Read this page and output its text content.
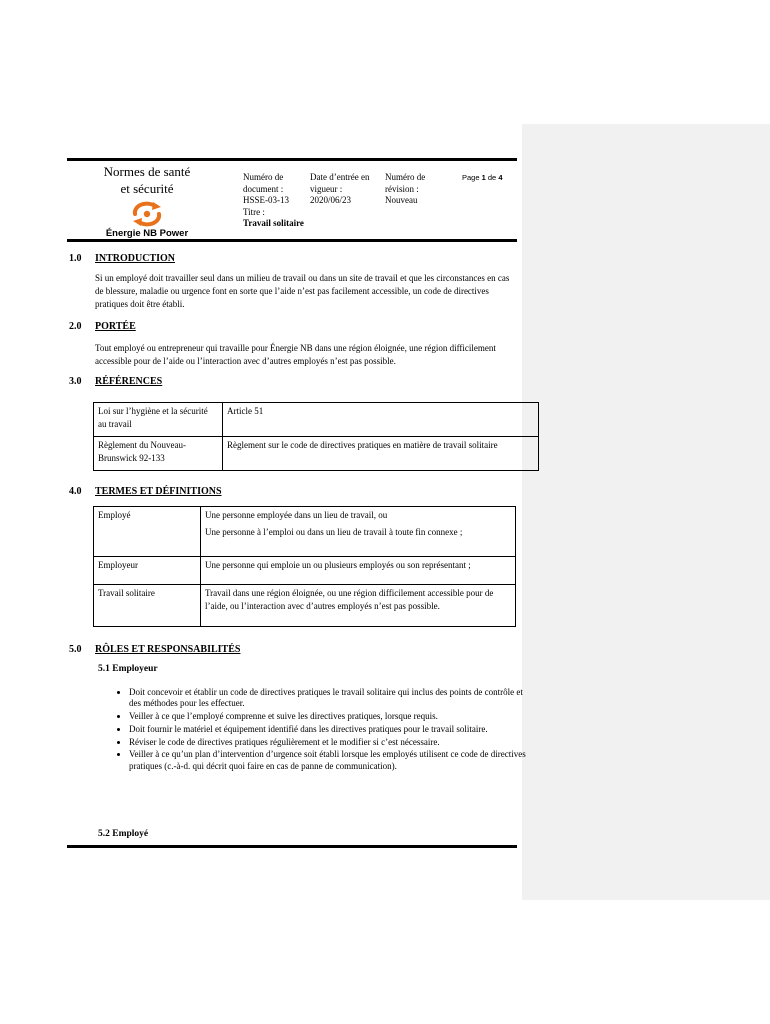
Normes de santé
et sécurité
Énergie NB Power
Numéro de
document :
HSSE-03-13
Titre :
Travail solitaire
Date d’entrée en
vigueur :
2020/06/23
Numéro de
révision :
Nouveau
Page 1 de 4
1.0 INTRODUCTION
Si un employé doit travailler seul dans un milieu de travail ou dans un site de travail et que les circonstances en cas de blessure, maladie ou urgence font en sorte que l’aide n’est pas facilement accessible, un code de directives pratiques doit être établi.
2.0 PORTÉE
Tout employé ou entrepreneur qui travaille pour Énergie NB dans une région éloignée, une région difficilement accessible pour de l’aide ou l’interaction avec d’autres employés n’est pas possible.
3.0 RÉFÉRENCES
Loi sur l’hygiène et la sécurité au travail	Article 51
Règlement du Nouveau-Brunswick 92-133	Règlement sur le code de directives pratiques en matière de travail solitaire
4.0 TERMES ET DÉFINITIONS
Employé	Une personne employée dans un lieu de travail, ou
Une personne à l’emploi ou dans un lieu de travail à toute fin connexe ;

Employeur	Une personne qui emploie un ou plusieurs employés ou son représentant ;
Travail solitaire	Travail dans une région éloignée, ou une région difficilement accessible pour de l’aide, ou l’interaction avec d’autres employés n’est pas possible.
5.0 RÔLES ET RESPONSABILITÉS
5.1 Employeur
• Doit concevoir et établir un code de directives pratiques le travail solitaire qui inclus des points de contrôle et des méthodes pour les effectuer.
• Veiller à ce que l’employé comprenne et suive les directives pratiques, lorsque requis.
• Doit fournir le matériel et équipement identifié dans les directives pratiques pour le travail solitaire.
• Réviser le code de directives pratiques régulièrement et le modifier si c’est nécessaire.
• Veiller à ce qu’un plan d’intervention d’urgence soit établi lorsque les employés utilisent ce code de directives pratiques (c.-à-d. qui décrit quoi faire en cas de panne de communication).
5.2 Employé
